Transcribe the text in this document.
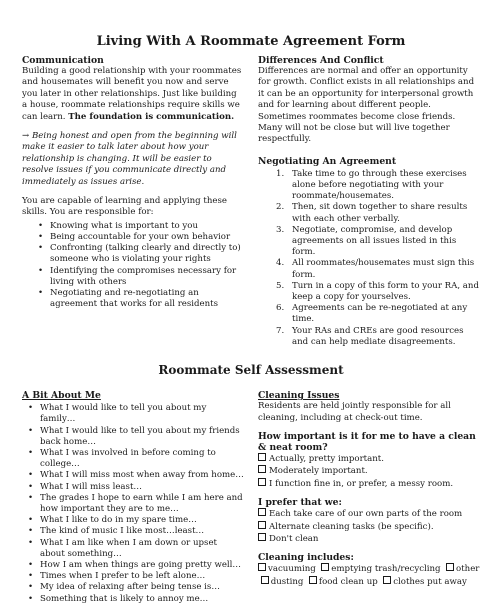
Living With A Roommate Agreement Form

Communication

Building a good relationship with your roommates and housemates will benefit you now and serve you later in other relationships. Just like building a house, roommate relationships require skills we can learn. The foundation is communication.

→ Being honest and open from the beginning will make it easier to talk later about how your relationship is changing. It will be easier to resolve issues if you communicate directly and immediately as issues arise.

You are capable of learning and applying these skills. You are responsible for:

• Knowing what is important to you
• Being accountable for your own behavior
• Confronting (talking clearly and directly to) someone who is violating your rights
• Identifying the compromises necessary for living with others
• Negotiating and re-negotiating an agreement that works for all residents

Differences And Conflict

Differences are normal and offer an opportunity for growth. Conflict exists in all relationships and it can be an opportunity for interpersonal growth and for learning about different people. Sometimes roommates become close friends. Many will not be close but will live together respectfully.

Negotiating An Agreement

1. Take time to go through these exercises alone before negotiating with your roommate/housemates.
2. Then, sit down together to share results with each other verbally.
3. Negotiate, compromise, and develop agreements on all issues listed in this form.
4. All roommates/housemates must sign this form.
5. Turn in a copy of this form to your RA, and keep a copy for yourselves.
6. Agreements can be re-negotiated at any time.
7. Your RAs and CREs are good resources and can help mediate disagreements.
Roommate Self Assessment

A Bit About Me

• What I would like to tell you about my family…
• What I would like to tell you about my friends back home…
• What I was involved in before coming to college…
• What I will miss most when away from home…
• What I will miss least…
• The grades I hope to earn while I am here and how important they are to me…
• What I like to do in my spare time…
• The kind of music I like most…least…
• What I am like when I am down or upset about something…
• How I am when things are going pretty well…
• Times when I prefer to be left alone…
• My idea of relaxing after being tense is…
• Something that is likely to annoy me…

Cleaning Issues

Residents are held jointly responsible for all cleaning, including at check-out time.

How important is it for me to have a clean & neat room?

Actually, pretty important.

Moderately important.

I function fine in, or prefer, a messy room.

I prefer that we:

Each take care of our own parts of the room

Alternate cleaning tasks (be specific).

Don't clean

Cleaning includes:

vacuuming emptying trash/recycling other

dusting food clean up clothes put away
